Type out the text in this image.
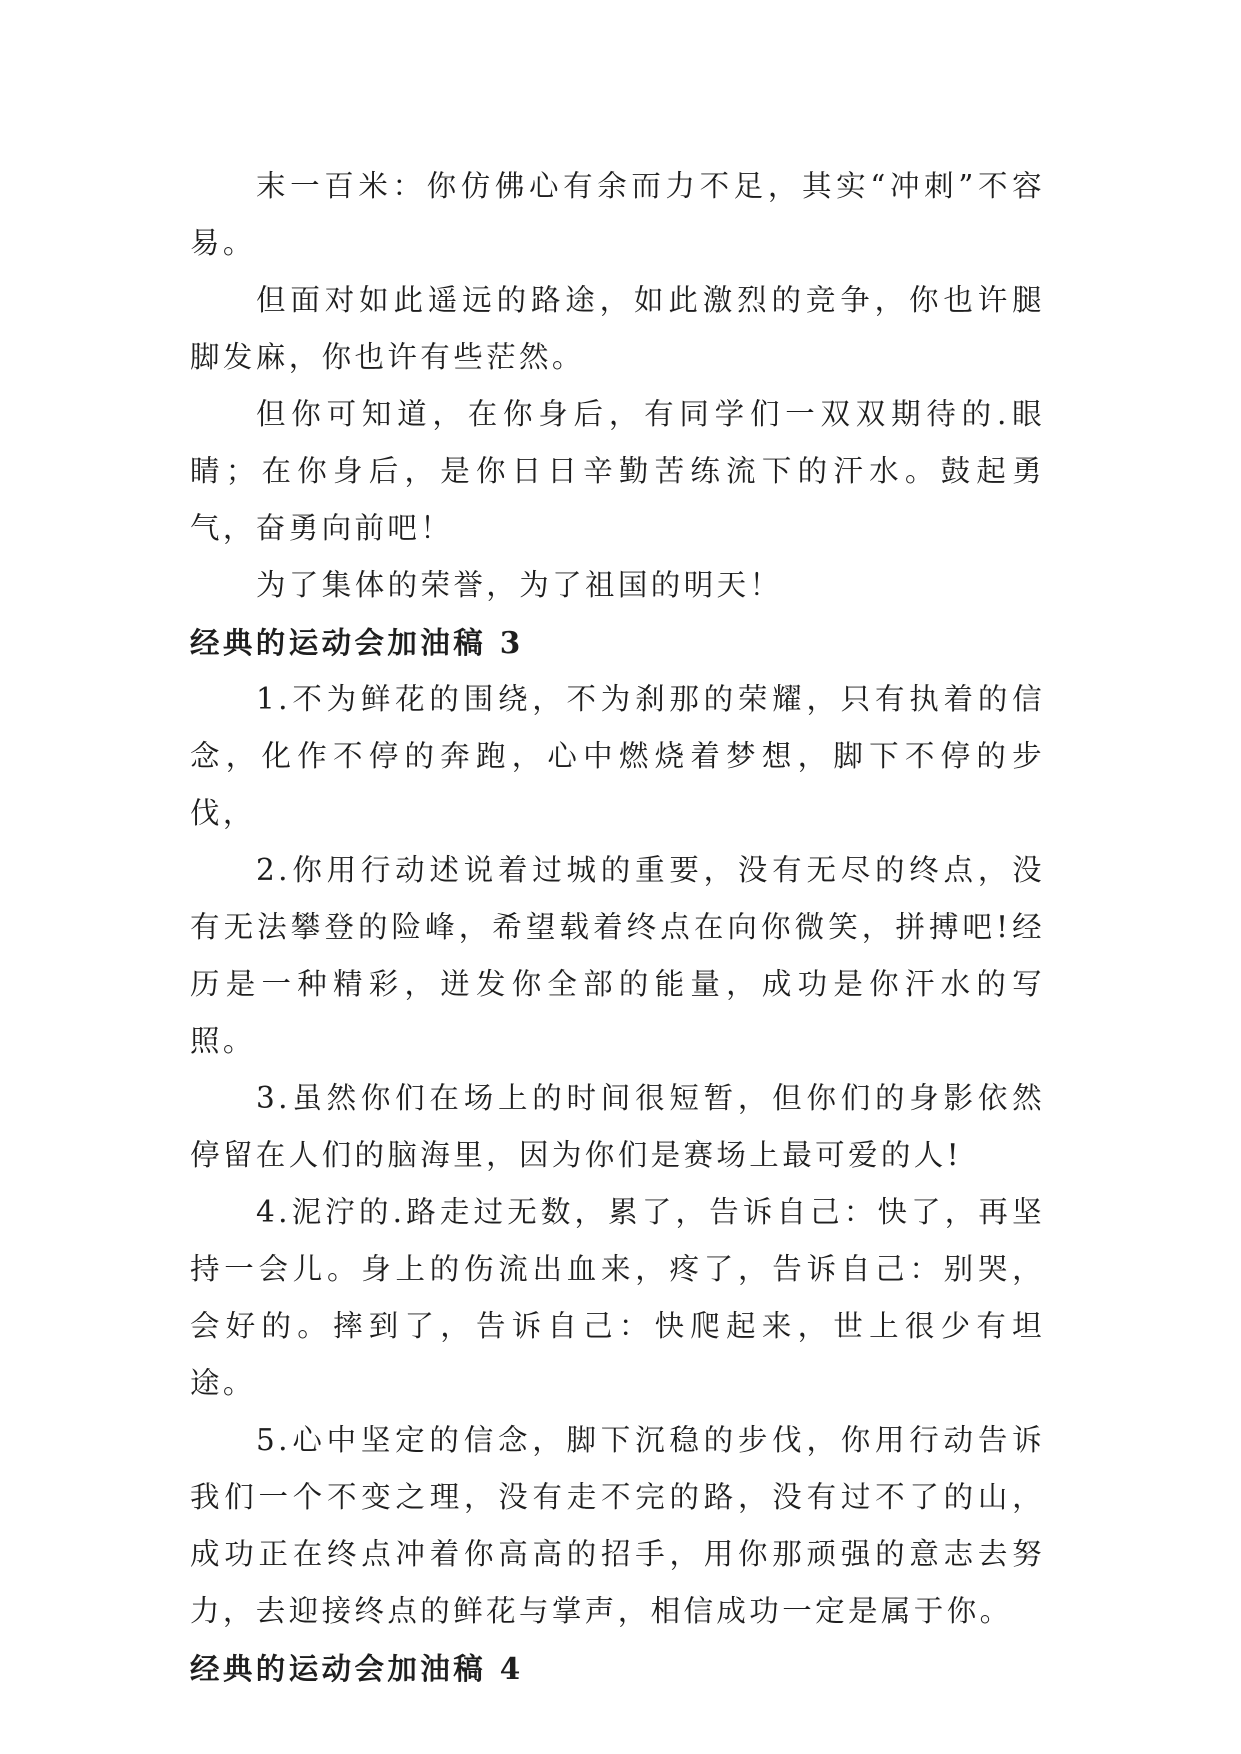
末一百米：你仿佛心有余而力不足，其实“冲刺”不容易。

但面对如此遥远的路途，如此激烈的竞争，你也许腿脚发麻，你也许有些茫然。

但你可知道，在你身后，有同学们一双双期待的.眼睛；在你身后，是你日日辛勤苦练流下的汗水。鼓起勇气，奋勇向前吧！

为了集体的荣誉，为了祖国的明天！

经典的运动会加油稿 3

1.不为鲜花的围绕，不为刹那的荣耀，只有执着的信念，化作不停的奔跑，心中燃烧着梦想，脚下不停的步伐，

2.你用行动述说着过城的重要，没有无尽的终点，没有无法攀登的险峰，希望载着终点在向你微笑，拼搏吧!经历是一种精彩，迸发你全部的能量，成功是你汗水的写照。

3.虽然你们在场上的时间很短暂，但你们的身影依然停留在人们的脑海里，因为你们是赛场上最可爱的人!

4.泥泞的.路走过无数，累了，告诉自己：快了，再坚持一会儿。身上的伤流出血来，疼了，告诉自己：别哭，会好的。摔到了，告诉自己：快爬起来，世上很少有坦途。

5.心中坚定的信念，脚下沉稳的步伐，你用行动告诉我们一个不变之理，没有走不完的路，没有过不了的山，成功正在终点冲着你高高的招手，用你那顽强的意志去努力，去迎接终点的鲜花与掌声，相信成功一定是属于你。

经典的运动会加油稿 4
